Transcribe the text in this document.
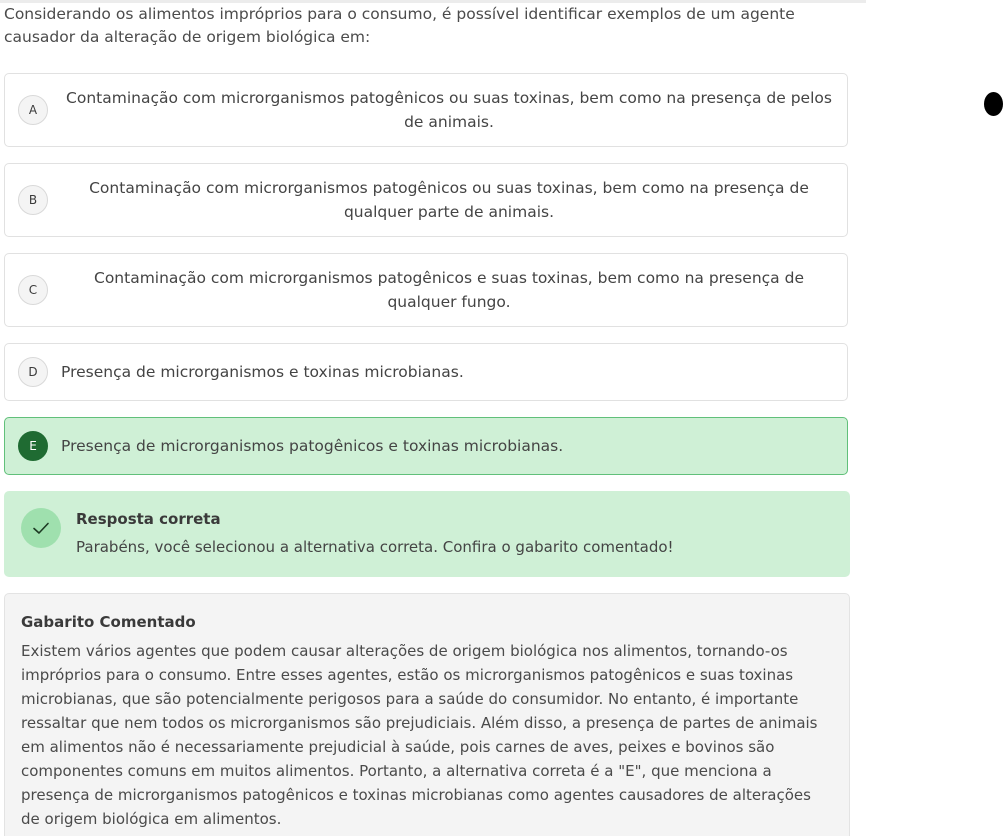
Considerando os alimentos impróprios para o consumo, é possível identificar exemplos de um agente causador da alteração de origem biológica em:

A
Contaminação com microrganismos patogênicos ou suas toxinas, bem como na presença de pelos de animais.
B
Contaminação com microrganismos patogênicos ou suas toxinas, bem como na presença de qualquer parte de animais.
C
Contaminação com microrganismos patogênicos e suas toxinas, bem como na presença de qualquer fungo.
D	Presença de microrganismos e toxinas microbianas.
E	Presença de microrganismos patogênicos e toxinas microbianas.
Resposta correta
Parabéns, você selecionou a alternativa correta. Confira o gabarito comentado!
Gabarito Comentado
Existem vários agentes que podem causar alterações de origem biológica nos alimentos, tornando-os impróprios para o consumo. Entre esses agentes, estão os microrganismos patogênicos e suas toxinas microbianas, que são potencialmente perigosos para a saúde do consumidor. No entanto, é importante ressaltar que nem todos os microrganismos são prejudiciais. Além disso, a presença de partes de animais em alimentos não é necessariamente prejudicial à saúde, pois carnes de aves, peixes e bovinos são componentes comuns em muitos alimentos. Portanto, a alternativa correta é a "E", que menciona a presença de microrganismos patogênicos e toxinas microbianas como agentes causadores de alterações de origem biológica em alimentos.
